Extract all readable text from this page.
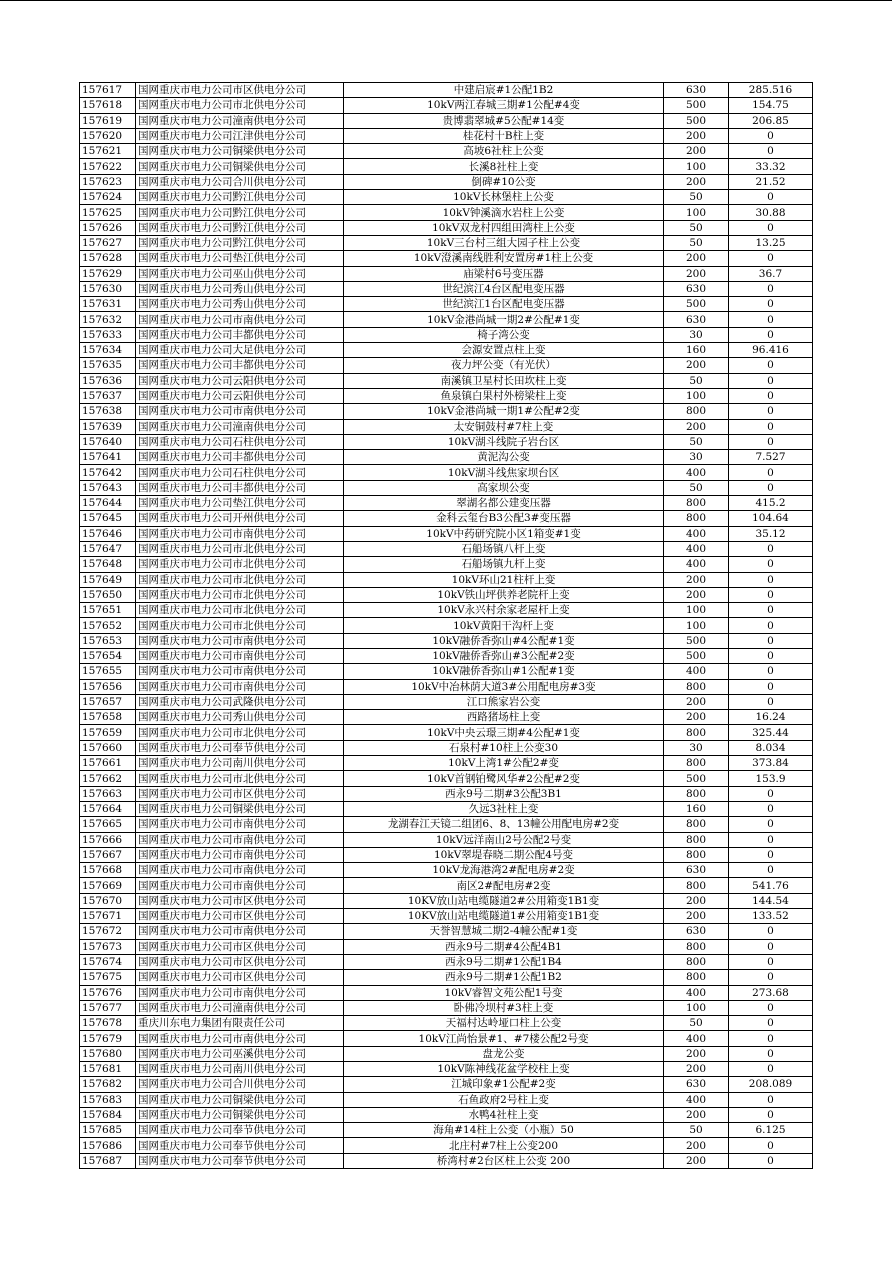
157617	国网重庆市电力公司市区供电分公司	中建启宸#1公配1B2	630	285.516
157618	国网重庆市电力公司市北供电分公司	10kV两江春城三期#1公配#4变	500	154.75
157619	国网重庆市电力公司潼南供电分公司	贵博翡翠城#5公配#14变	500	206.85
157620	国网重庆市电力公司江津供电分公司	桂花村十B柱上变	200	0
157621	国网重庆市电力公司铜梁供电分公司	高坡6社柱上公变	200	0
157622	国网重庆市电力公司铜梁供电分公司	长溪8社柱上变	100	33.32
157623	国网重庆市电力公司合川供电分公司	倒碑#10公变	200	21.52
157624	国网重庆市电力公司黔江供电分公司	10kV长林堡柱上公变	50	0
157625	国网重庆市电力公司黔江供电分公司	10kV钟溪滴水岩柱上公变	100	30.88
157626	国网重庆市电力公司黔江供电分公司	10kV双龙村四组田湾柱上公变	50	0
157627	国网重庆市电力公司黔江供电分公司	10kV三台村三组大园子柱上公变	50	13.25
157628	国网重庆市电力公司垫江供电分公司	10kV澄溪南线胜利安置房#1柱上公变	200	0
157629	国网重庆市电力公司巫山供电分公司	庙梁村6号变压器	200	36.7
157630	国网重庆市电力公司秀山供电分公司	世纪滨江4台区配电变压器	630	0
157631	国网重庆市电力公司秀山供电分公司	世纪滨江1台区配电变压器	500	0
157632	国网重庆市电力公司市南供电分公司	10kV金港尚城一期2#公配#1变	630	0
157633	国网重庆市电力公司丰都供电分公司	椅子湾公变	30	0
157634	国网重庆市电力公司大足供电分公司	会源安置点柱上变	160	96.416
157635	国网重庆市电力公司丰都供电分公司	夜力坪公变（有光伏）	200	0
157636	国网重庆市电力公司云阳供电分公司	南溪镇卫星村长田坎柱上变	50	0
157637	国网重庆市电力公司云阳供电分公司	鱼泉镇白果村外榜梁柱上变	100	0
157638	国网重庆市电力公司市南供电分公司	10kV金港尚城一期1#公配#2变	800	0
157639	国网重庆市电力公司潼南供电分公司	太安铜鼓村#7柱上变	200	0
157640	国网重庆市电力公司石柱供电分公司	10kV湖斗线院子岩台区	50	0
157641	国网重庆市电力公司丰都供电分公司	黄泥沟公变	30	7.527
157642	国网重庆市电力公司石柱供电分公司	10kV湖斗线焦家坝台区	400	0
157643	国网重庆市电力公司丰都供电分公司	高家坝公变	50	0
157644	国网重庆市电力公司垫江供电分公司	翠湖名都公建变压器	800	415.2
157645	国网重庆市电力公司开州供电分公司	金科云玺台B3公配3#变压器	800	104.64
157646	国网重庆市电力公司市南供电分公司	10kV中药研究院小区1箱变#1变	400	35.12
157647	国网重庆市电力公司市北供电分公司	石船场镇八杆上变	400	0
157648	国网重庆市电力公司市北供电分公司	石船场镇九杆上变	400	0
157649	国网重庆市电力公司市北供电分公司	10kV环山21柱杆上变	200	0
157650	国网重庆市电力公司市北供电分公司	10kV铁山坪供养老院杆上变	200	0
157651	国网重庆市电力公司市北供电分公司	10kV永兴村余家老屋杆上变	100	0
157652	国网重庆市电力公司市北供电分公司	10kV黄阳干沟杆上变	100	0
157653	国网重庆市电力公司市南供电分公司	10kV融侨香弥山#4公配#1变	500	0
157654	国网重庆市电力公司市南供电分公司	10kV融侨香弥山#3公配#2变	500	0
157655	国网重庆市电力公司市南供电分公司	10kV融侨香弥山#1公配#1变	400	0
157656	国网重庆市电力公司市南供电分公司	10kV中冶林荫大道3#公用配电房#3变	800	0
157657	国网重庆市电力公司武隆供电分公司	江口熊家岩公变	200	0
157658	国网重庆市电力公司秀山供电分公司	西路猪场柱上变	200	16.24
157659	国网重庆市电力公司市北供电分公司	10kV中央云璟三期#4公配#1变	800	325.44
157660	国网重庆市电力公司奉节供电分公司	石泉村#10柱上公变30	30	8.034
157661	国网重庆市电力公司南川供电分公司	10kV上湾1#公配2#变	800	373.84
157662	国网重庆市电力公司市北供电分公司	10kV首钢铂鹭风华#2公配#2变	500	153.9
157663	国网重庆市电力公司市区供电分公司	西永9号二期#3公配3B1	800	0
157664	国网重庆市电力公司铜梁供电分公司	久远3社柱上变	160	0
157665	国网重庆市电力公司市南供电分公司	龙湖春江天镜二组团6、8、13幢公用配电房#2变	800	0
157666	国网重庆市电力公司市南供电分公司	10kV远洋南山2号公配2号变	800	0
157667	国网重庆市电力公司市南供电分公司	10kV翠堤春晓二期公配4号变	800	0
157668	国网重庆市电力公司市南供电分公司	10kV龙海港湾2#配电房#2变	630	0
157669	国网重庆市电力公司市南供电分公司	南区2#配电房#2变	800	541.76
157670	国网重庆市电力公司市区供电分公司	10KV放山站电缆隧道2#公用箱变1B1变	200	144.54
157671	国网重庆市电力公司市区供电分公司	10KV放山站电缆隧道1#公用箱变1B1变	200	133.52
157672	国网重庆市电力公司市南供电分公司	天誉智慧城二期2-4幢公配#1变	630	0
157673	国网重庆市电力公司市区供电分公司	西永9号二期#4公配4B1	800	0
157674	国网重庆市电力公司市区供电分公司	西永9号二期#1公配1B4	800	0
157675	国网重庆市电力公司市区供电分公司	西永9号二期#1公配1B2	800	0
157676	国网重庆市电力公司市南供电分公司	10kV睿智文苑公配1号变	400	273.68
157677	国网重庆市电力公司潼南供电分公司	卧佛冷坝村#3柱上变	100	0
157678	重庆川东电力集团有限责任公司	天福村达岭垭口柱上公变	50	0
157679	国网重庆市电力公司市南供电分公司	10kV江尚怡景#1、#7楼公配2号变	400	0
157680	国网重庆市电力公司巫溪供电分公司	盘龙公变	200	0
157681	国网重庆市电力公司南川供电分公司	10kV陈神线花盆学校柱上变	200	0
157682	国网重庆市电力公司合川供电分公司	江城印象#1公配#2变	630	208.089
157683	国网重庆市电力公司铜梁供电分公司	石鱼政府2号柱上变	400	0
157684	国网重庆市电力公司铜梁供电分公司	水鸭4社柱上变	200	0
157685	国网重庆市电力公司奉节供电分公司	海角#14柱上公变（小瓶）50	50	6.125
157686	国网重庆市电力公司奉节供电分公司	北庄村#7柱上公变200	200	0
157687	国网重庆市电力公司奉节供电分公司	桥湾村#2台区柱上公变 200	200	0
